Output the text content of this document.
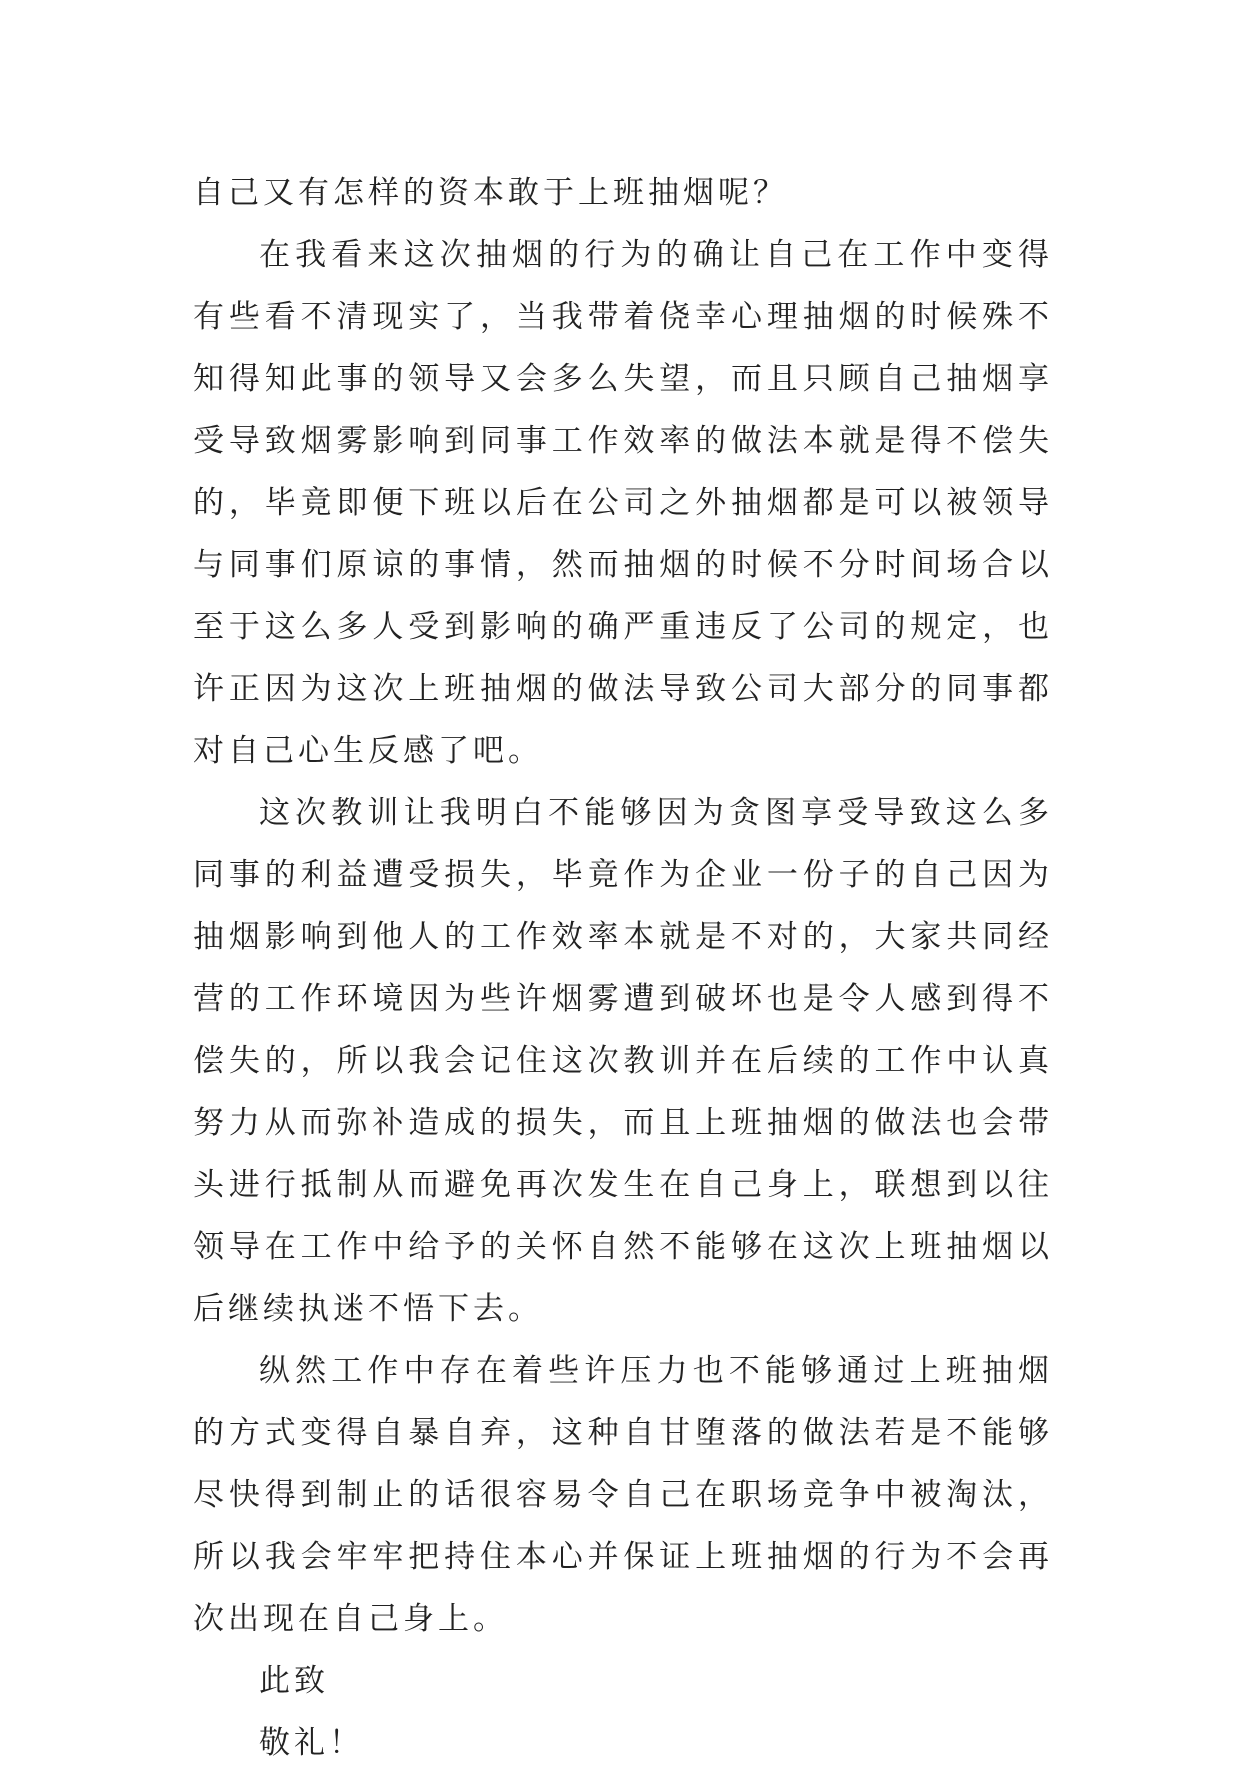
自己又有怎样的资本敢于上班抽烟呢？

在我看来这次抽烟的行为的确让自己在工作中变得有些看不清现实了，当我带着侥幸心理抽烟的时候殊不知得知此事的领导又会多么失望，而且只顾自己抽烟享受导致烟雾影响到同事工作效率的做法本就是得不偿失的，毕竟即便下班以后在公司之外抽烟都是可以被领导与同事们原谅的事情，然而抽烟的时候不分时间场合以至于这么多人受到影响的确严重违反了公司的规定，也许正因为这次上班抽烟的做法导致公司大部分的同事都对自己心生反感了吧。

这次教训让我明白不能够因为贪图享受导致这么多同事的利益遭受损失，毕竟作为企业一份子的自己因为抽烟影响到他人的工作效率本就是不对的，大家共同经营的工作环境因为些许烟雾遭到破坏也是令人感到得不偿失的，所以我会记住这次教训并在后续的工作中认真努力从而弥补造成的损失，而且上班抽烟的做法也会带头进行抵制从而避免再次发生在自己身上，联想到以往领导在工作中给予的关怀自然不能够在这次上班抽烟以后继续执迷不悟下去。

纵然工作中存在着些许压力也不能够通过上班抽烟的方式变得自暴自弃，这种自甘堕落的做法若是不能够尽快得到制止的话很容易令自己在职场竞争中被淘汰，所以我会牢牢把持住本心并保证上班抽烟的行为不会再次出现在自己身上。

此致

敬礼！
